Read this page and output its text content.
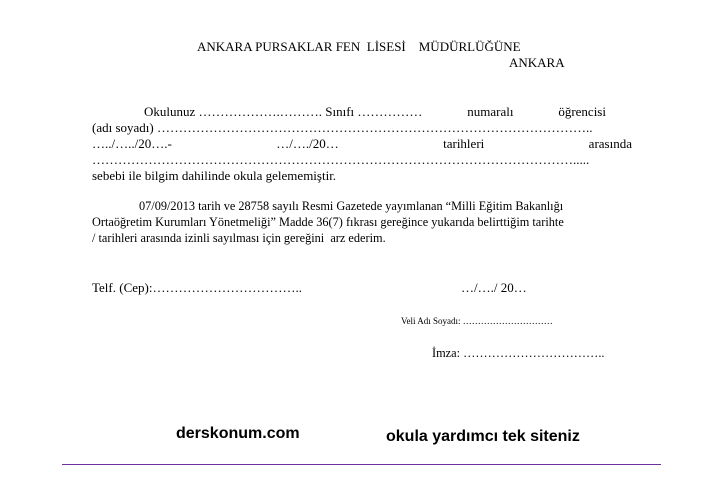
ANKARA PURSAKLAR FEN  LİSESİ    MÜDÜRLÜĞÜNE
ANKARA
Okulunuz ……………….………. Sınıfı ……………	numaralı	öğrencisi
(adı soyadı) ………………………………………………………………………………………..
…../…../20….-	…/…./20…	tarihleri	arasında
………………………………………………………………………………………………….....
sebebi ile bilgim dahilinde okula gelememiştir.
07/09/2013 tarih ve 28758 sayılı Resmi Gazetede yayımlanan “Milli Eğitim Bakanlığı
Ortaöğretim Kurumları Yönetmeliği” Madde 36(7) fıkrası gereğince yukarıda belirttiğim tarihte
/ tarihleri arasında izinli sayılması için gereğini  arz ederim.
Telf. (Cep):……………………………..	…/…./ 20…
Veli Adı Soyadı: …………………………
İmza: ……………………………..
derskonum.com	okula yardımcı tek siteniz
